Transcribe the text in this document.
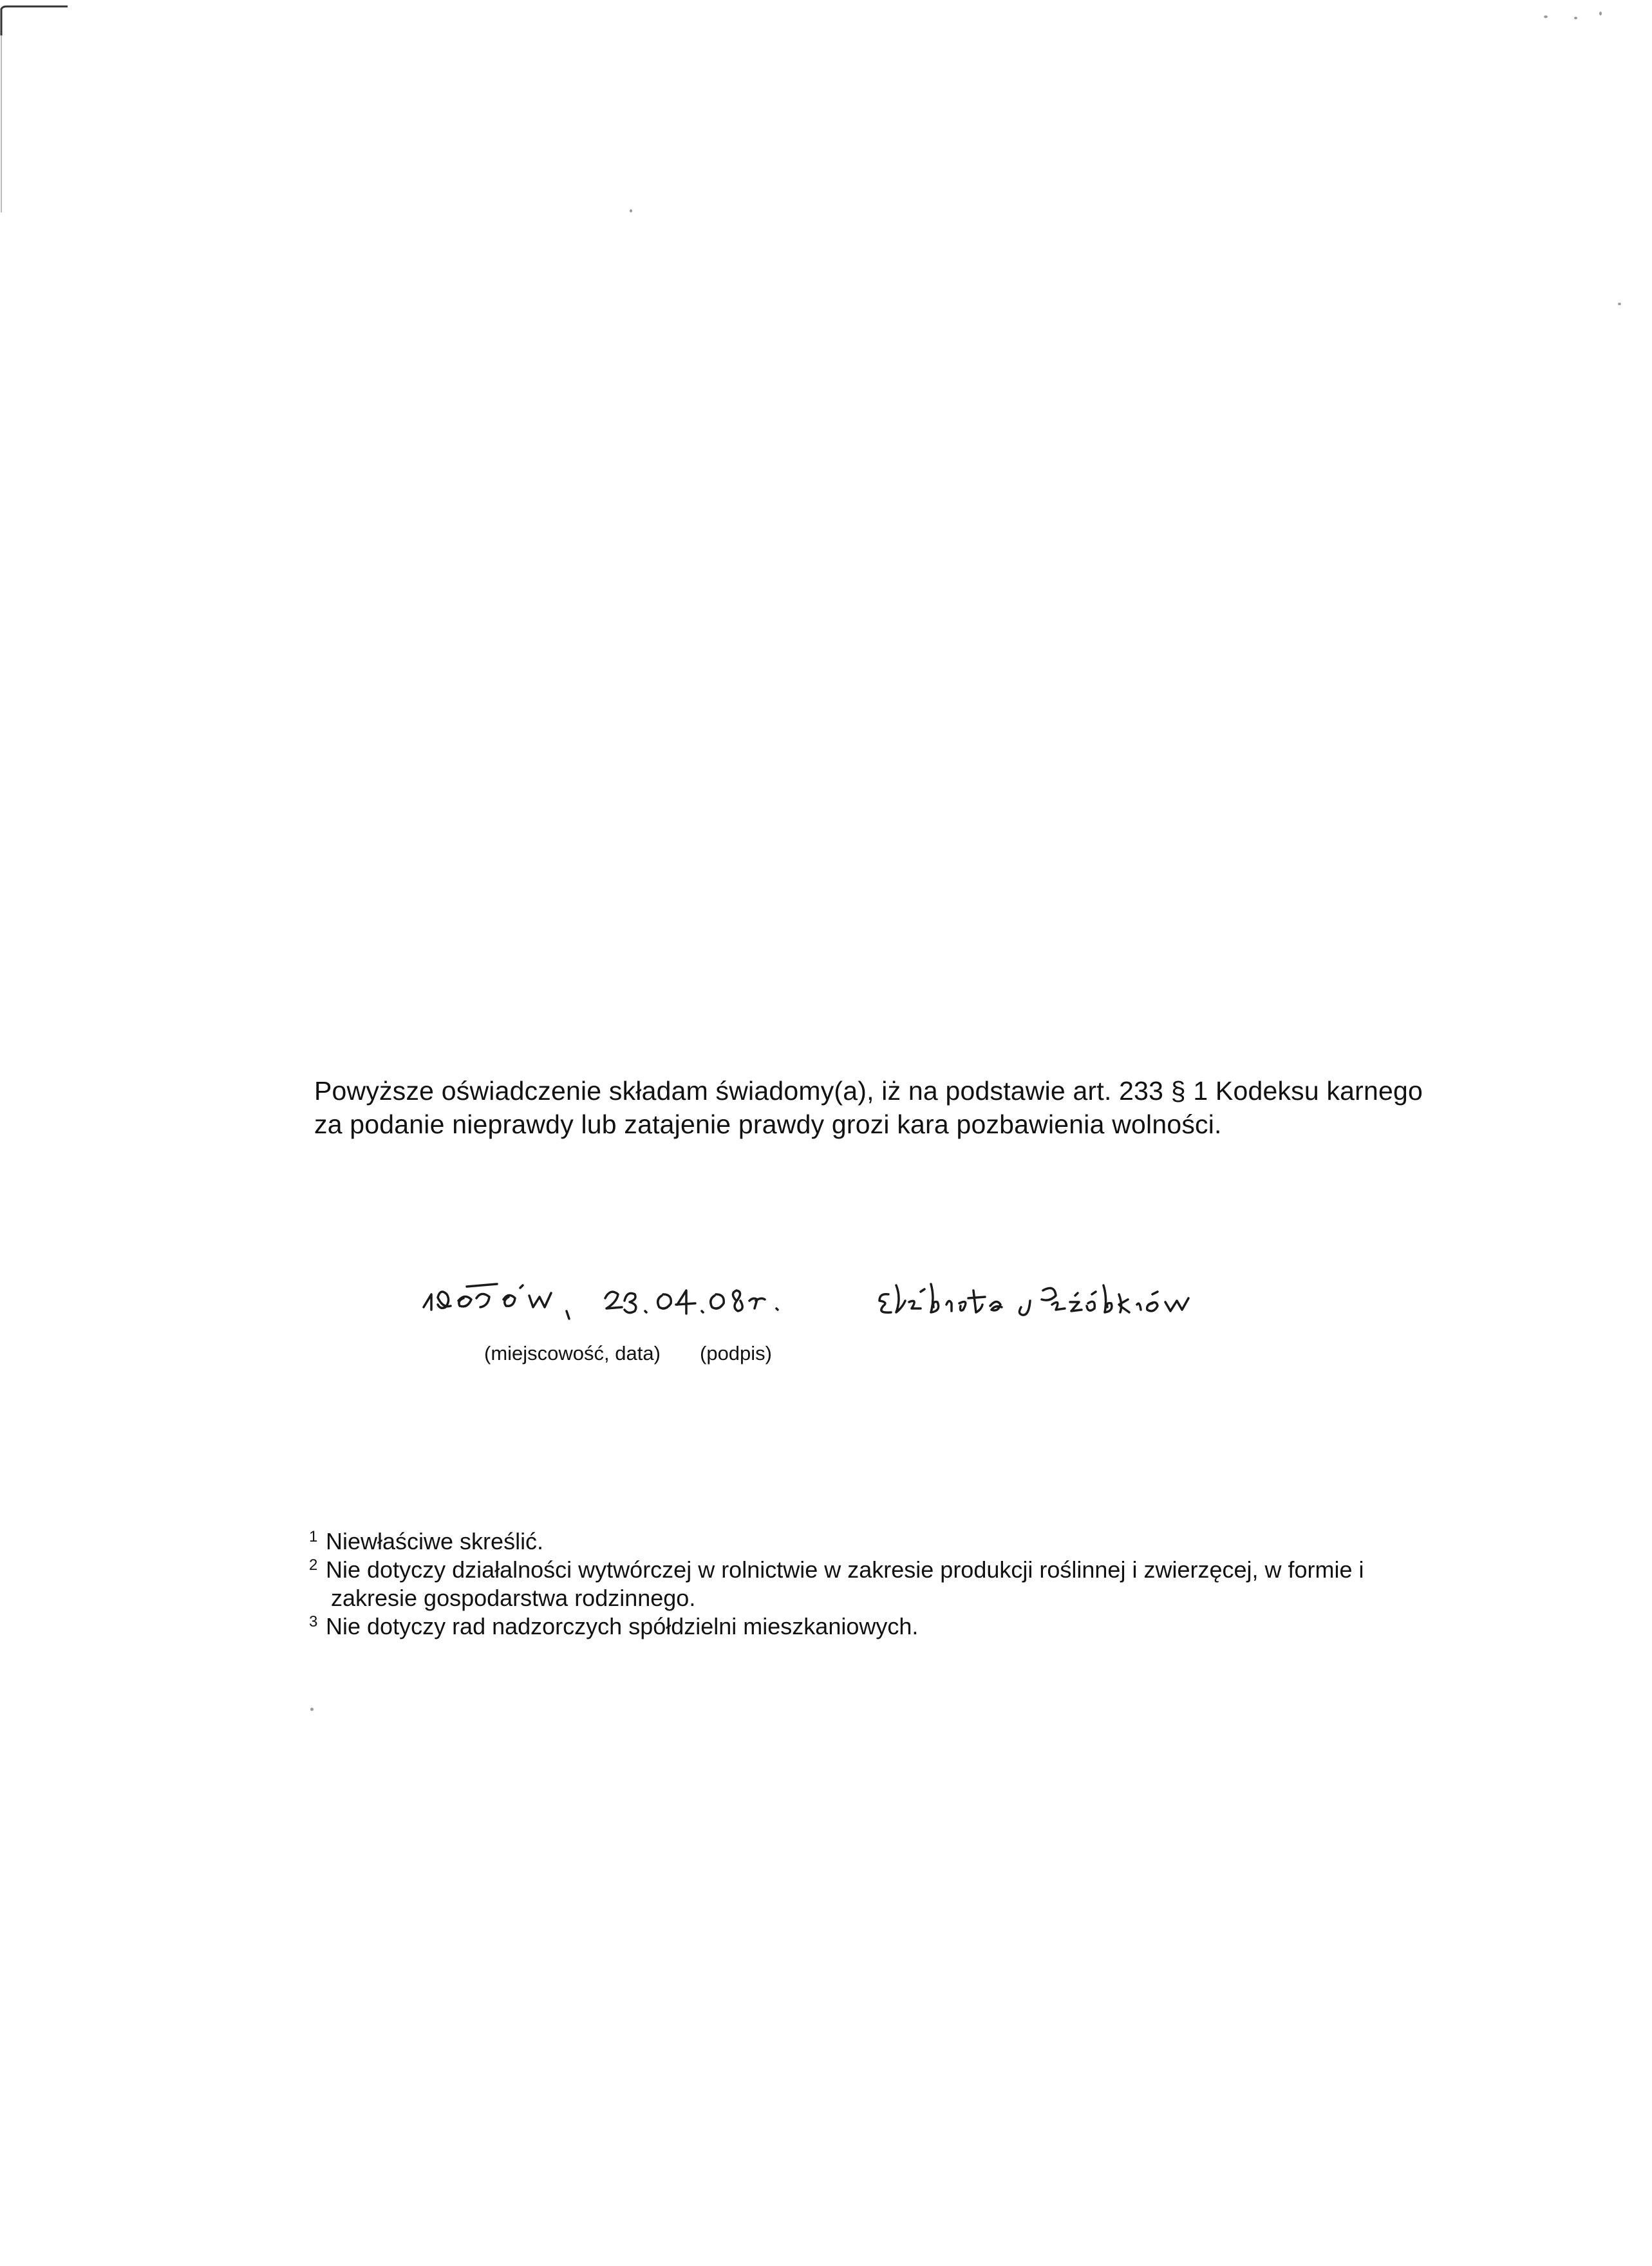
Powyższe oświadczenie składam świadomy(a), iż na podstawie art. 233 § 1 Kodeksu karnego

za podanie nieprawdy lub zatajenie prawdy grozi kara pozbawienia wolności.

(miejscowość, data) (podpis)
1 Niewłaściwe skreślić.
2 Nie dotyczy działalności wytwórczej w rolnictwie w zakresie produkcji roślinnej i zwierzęcej, w formie i
zakresie gospodarstwa rodzinnego.
3 Nie dotyczy rad nadzorczych spółdzielni mieszkaniowych.
